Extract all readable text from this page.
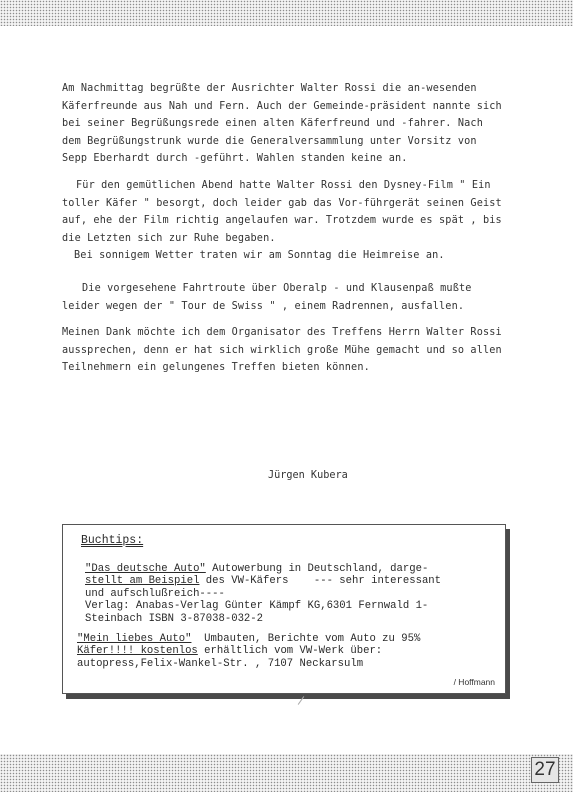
Am Nachmittag begrüßte der Ausrichter Walter Rossi die an-wesenden Käferfreunde aus Nah und Fern. Auch der Gemeinde-präsident nannte sich bei seiner Begrüßungsrede einen alten Käferfreund und -fahrer. Nach dem Begrüßungstrunk wurde die Generalversammlung unter Vorsitz von Sepp Eberhardt durch -geführt. Wahlen standen keine an.

Für den gemütlichen Abend hatte Walter Rossi den Dysney-Film " Ein toller Käfer " besorgt, doch leider gab das Vor-führgerät seinen Geist auf, ehe der Film richtig angelaufen war. Trotzdem wurde es spät , bis die Letzten sich zur Ruhe begaben.

Bei sonnigem Wetter traten wir am Sonntag die Heimreise an.

Die vorgesehene Fahrtroute über Oberalp - und Klausenpaß mußte leider wegen der " Tour de Swiss " , einem Radrennen, ausfallen.

Meinen Dank möchte ich dem Organisator des Treffens Herrn Walter Rossi aussprechen, denn er hat sich wirklich große Mühe gemacht und so allen Teilnehmern ein gelungenes Treffen bieten können.

Jürgen Kubera
Buchtips:
"Das deutsche Auto" Autowerbung in Deutschland, darge-
stellt am Beispiel des VW-Käfers    --- sehr interessant
und aufschlußreich----
Verlag: Anabas-Verlag Günter Kämpf KG,6301 Fernwald 1-
Steinbach ISBN 3-87038-032-2
"Mein liebes Auto"  Umbauten, Berichte vom Auto zu 95%
Käfer!!!! kostenlos erhältlich vom VW-Werk über:
autopress,Felix-Wankel-Str. , 7107 Neckarsulm
/ Hoffmann
27
